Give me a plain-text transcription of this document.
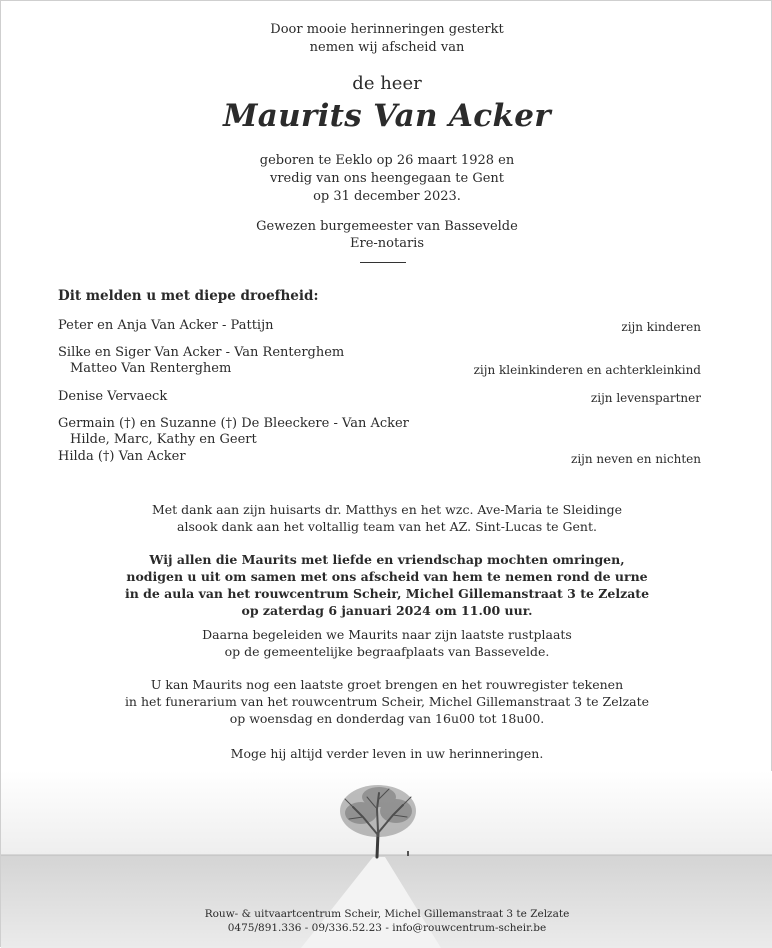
Door mooie herinneringen gesterkt
nemen wij afscheid van
de heer
Maurits Van Acker
geboren te Eeklo op 26 maart 1928 en
vredig van ons heengegaan te Gent
op 31 december 2023.
Gewezen burgemeester van Bassevelde
Ere-notaris
Dit melden u met diepe droefheid:
Peter en Anja Van Acker - Pattijn	zijn kinderen
Silke en Siger Van Acker - Van Renterghem
Matteo Van Renterghem	zijn kleinkinderen en achterkleinkind
Denise Vervaeck	zijn levenspartner
Germain (†) en Suzanne (†) De Bleeckere - Van Acker
Hilde, Marc, Kathy en Geert
Hilda (†) Van Acker	zijn neven en nichten
Met dank aan zijn huisarts dr. Matthys en het wzc. Ave-Maria te Sleidinge
alsook dank aan het voltallig team van het AZ. Sint-Lucas te Gent.
Wij allen die Maurits met liefde en vriendschap mochten omringen,
nodigen u uit om samen met ons afscheid van hem te nemen rond de urne
in de aula van het rouwcentrum Scheir, Michel Gillemanstraat 3 te Zelzate
op zaterdag 6 januari 2024 om 11.00 uur.
Daarna begeleiden we Maurits naar zijn laatste rustplaats
op de gemeentelijke begraafplaats van Bassevelde.
U kan Maurits nog een laatste groet brengen en het rouwregister tekenen
in het funerarium van het rouwcentrum Scheir, Michel Gillemanstraat 3 te Zelzate
op woensdag en donderdag van 16u00 tot 18u00.
Moge hij altijd verder leven in uw herinneringen.
Rouw- & uitvaartcentrum Scheir, Michel Gillemanstraat 3 te Zelzate
0475/891.336 - 09/336.52.23 - info@rouwcentrum-scheir.be
